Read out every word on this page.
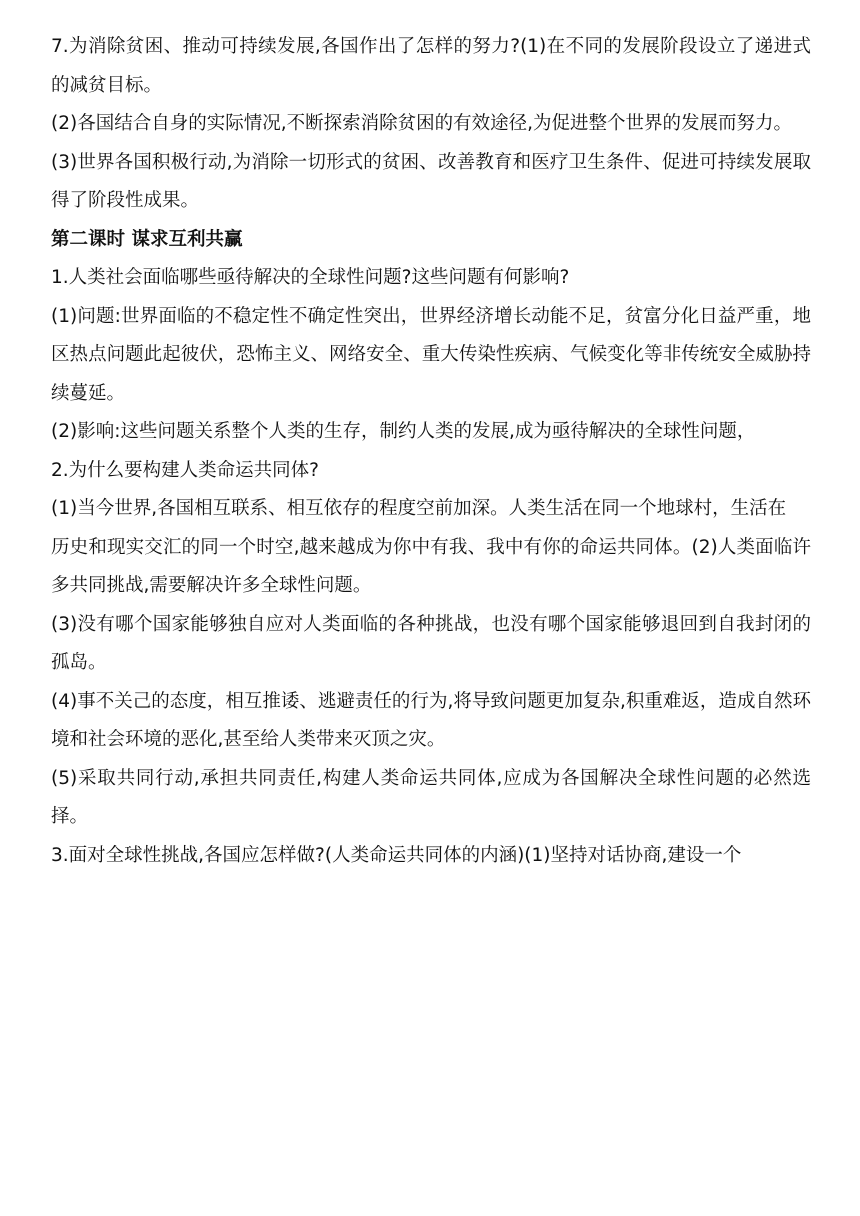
7.为消除贫困、推动可持续发展,各国作出了怎样的努力?(1)在不同的发展阶段设立了递进式的减贫目标。

(2)各国结合自身的实际情况,不断探索消除贫困的有效途径,为促进整个世界的发展而努力。

(3)世界各国积极行动,为消除一切形式的贫困、改善教育和医疗卫生条件、促进可持续发展取得了阶段性成果。

第二课时 谋求互利共赢

1.人类社会面临哪些亟待解决的全球性问题?这些问题有何影响?

(1)问题:世界面临的不稳定性不确定性突出，世界经济增长动能不足，贫富分化日益严重，地区热点问题此起彼伏，恐怖主义、网络安全、重大传染性疾病、气候变化等非传统安全威胁持续蔓延。

(2)影响:这些问题关系整个人类的生存，制约人类的发展,成为亟待解决的全球性问题，

2.为什么要构建人类命运共同体?

(1)当今世界,各国相互联系、相互依存的程度空前加深。人类生活在同一个地球村，生活在

历史和现实交汇的同一个时空,越来越成为你中有我、我中有你的命运共同体。(2)人类面临许多共同挑战,需要解决许多全球性问题。

(3)没有哪个国家能够独自应对人类面临的各种挑战，也没有哪个国家能够退回到自我封闭的孤岛。

(4)事不关己的态度，相互推诿、逃避责任的行为,将导致问题更加复杂,积重难返，造成自然环境和社会环境的恶化,甚至给人类带来灭顶之灾。

(5)采取共同行动,承担共同责任,构建人类命运共同体,应成为各国解决全球性问题的必然选择。

3.面对全球性挑战,各国应怎样做?(人类命运共同体的内涵)(1)坚持对话协商,建设一个
